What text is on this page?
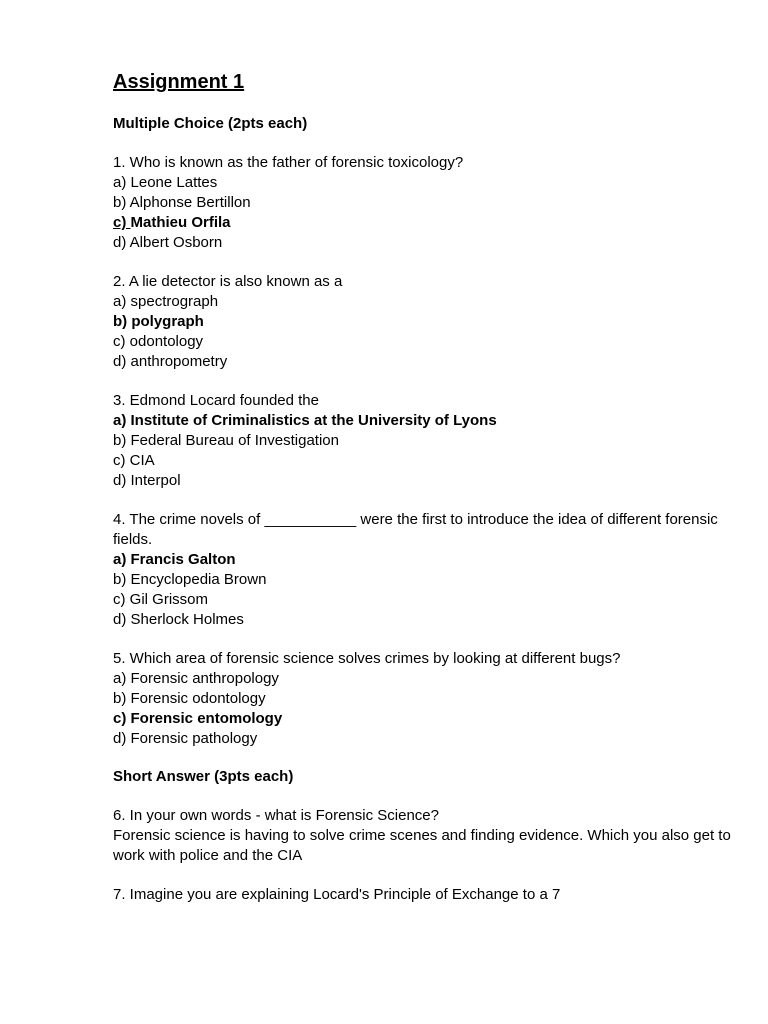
Assignment 1
Multiple Choice (2pts each)
1. Who is known as the father of forensic toxicology?
a) Leone Lattes
b) Alphonse Bertillon
c) Mathieu Orfila
d) Albert Osborn
2. A lie detector is also known as a
a) spectrograph
b) polygraph
c) odontology
d) anthropometry
3. Edmond Locard founded the
a) Institute of Criminalistics at the University of Lyons
b) Federal Bureau of Investigation
c) CIA
d) Interpol
4. The crime novels of ___________ were the first to introduce the idea of different forensic fields.
a) Francis Galton
b) Encyclopedia Brown
c) Gil Grissom
d) Sherlock Holmes
5. Which area of forensic science solves crimes by looking at different bugs?
a) Forensic anthropology
b) Forensic odontology
c) Forensic entomology
d) Forensic pathology
Short Answer (3pts each)
6. In your own words - what is Forensic Science?
Forensic science is having to solve crime scenes and finding evidence. Which you also get to work with police and the CIA
7. Imagine you are explaining Locard's Principle of Exchange to a 7
